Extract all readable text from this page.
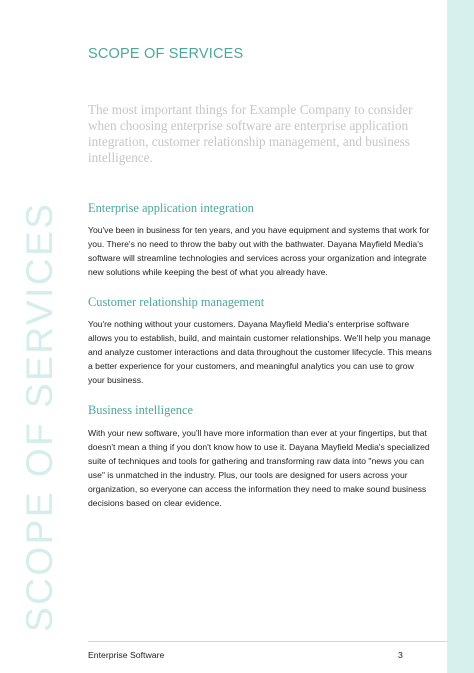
SCOPE OF SERVICES
SCOPE OF SERVICES
The most important things for Example Company to consider when choosing enterprise software are enterprise application integration, customer relationship management, and business intelligence.
Enterprise application integration
You've been in business for ten years, and you have equipment and systems that work for you. There's no need to throw the baby out with the bathwater. Dayana Mayfield Media's software will streamline technologies and services across your organization and integrate new solutions while keeping the best of what you already have.
Customer relationship management
You're nothing without your customers. Dayana Mayfield Media's enterprise software allows you to establish, build, and maintain customer relationships. We'll help you manage and analyze customer interactions and data throughout the customer lifecycle. This means a better experience for your customers, and meaningful analytics you can use to grow your business.
Business intelligence
With your new software, you'll have more information than ever at your fingertips, but that doesn't mean a thing if you don't know how to use it. Dayana Mayfield Media's specialized suite of techniques and tools for gathering and transforming raw data into "news you can use" is unmatched in the industry. Plus, our tools are designed for users across your organization, so everyone can access the information they need to make sound business decisions based on clear evidence.
Enterprise Software	3
